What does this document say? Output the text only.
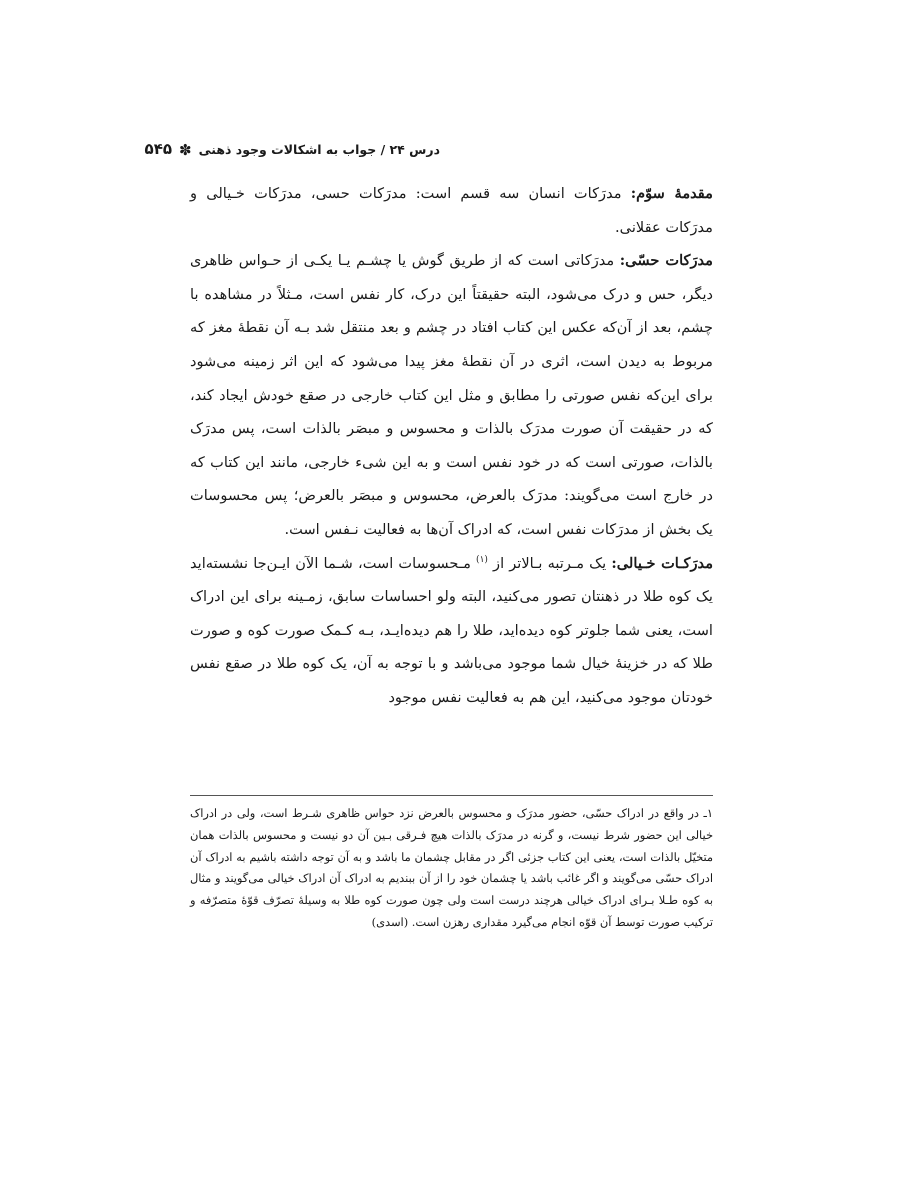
درس ۲۴ / جواب به اشکالات وجود ذهنی✽۵۴۵

مقدمهٔ سوّم: مدرَکات انسان سه قسم است: مدرَکات حسی، مدرَکات خـیالی و مدرَکات عقلانی.

مدرَکات حسّی: مدرَکاتی است که از طریق گوش یا چشـم یـا یکـی از حـواس ظاهری دیگر، حس و درک می‌شود، البته حقیقتاً این درک، کار نفس است، مـثلاً در مشاهده با چشم، بعد از آن‌که عکس این کتاب افتاد در چشم و بعد منتقل شد بـه آن نقطهٔ مغز که مربوط به دیدن است، اثری در آن نقطهٔ مغز پیدا می‌شود که این اثر زمینه می‌شود برای این‌که نفس صورتی را مطابق و مثل این کتاب خارجی در صقع خودش ایجاد کند، که در حقیقت آن صورت مدرَک بالذات و محسوس و مبصَر بالذات است، پس مدرَک بالذات، صورتی است که در خود نفس است و به این شیء خارجی، مانند این کتاب که در خارج است می‌گویند: مدرَک بالعرض، محسوس و مبصَر بالعرض؛ پس محسوسات یک بخش از مدرَکات نفس است، که ادراک آن‌ها به فعالیت نـفس است.

مدرَکـات خـیالی: یک مـرتبه بـالاتر از $^{(۱)}$ مـحسوسات است، شـما الآن ایـن‌جا نشسته‌اید یک کوه طلا در ذهنتان تصور می‌کنید، البته ولو احساسات سابق، زمـینه برای این ادراک است، یعنی شما جلوتر کوه دیده‌اید، طلا را هم دیده‌ایـد، بـه کـمک صورت کوه و صورت طلا که در خزینهٔ خیال شما موجود می‌باشد و با توجه به آن، یک کوه طلا در صقع نفس خودتان موجود می‌کنید، این هم به فعالیت نفس موجود

۱ـ در واقع در ادراک حسّی، حضور مدرَک و محسوس بالعرض نزد حواس ظاهری شـرط است، ولی در ادراک خیالی این حضور شرط نیست، و گرنه در مدرَک بالذات هیچ فـرقی بـین آن دو نیست و محسوس بالذات همان متخیّل بالذات است، یعنی این کتاب جزئی اگر در مقابل چشمان ما باشد و به آن توجه داشته باشیم به ادراک آن ادراک حسّی می‌گویند و اگر غائب باشد یا چشمان خود را از آن ببندیم به ادراک آن ادراک خیالی می‌گویند و مثال به کوه طـلا بـرای ادراک خیالی هرچند درست است ولی چون صورت کوه طلا به وسیلهٔ تصرّف قوّهٔ متصرّفه و ترکیب صورت توسط آن قوّه انجام می‌گیرد مقداری رهزن است. (اسدی)
